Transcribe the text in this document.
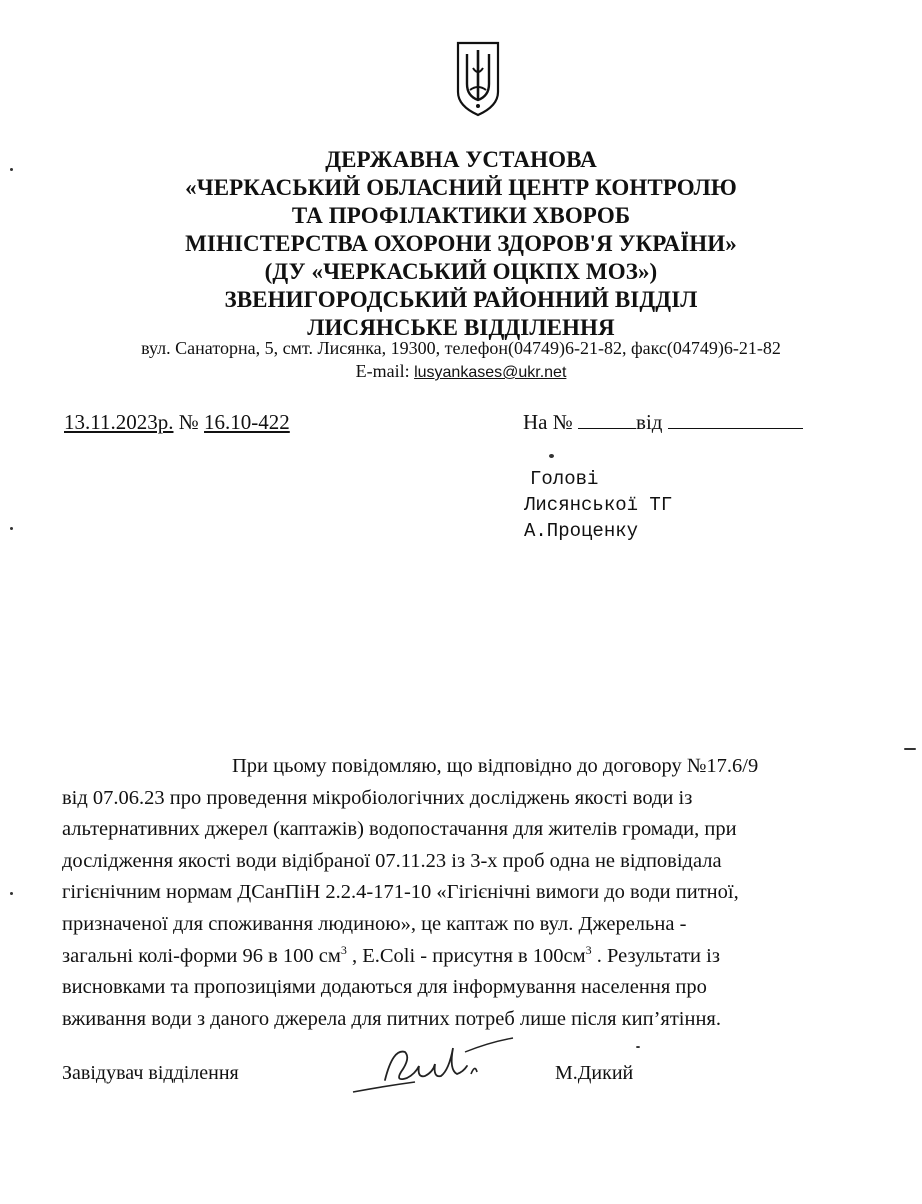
ДЕРЖАВНА УСТАНОВА
«ЧЕРКАСЬКИЙ ОБЛАСНИЙ ЦЕНТР КОНТРОЛЮ
ТА ПРОФІЛАКТИКИ ХВОРОБ
МІНІСТЕРСТВА ОХОРОНИ ЗДОРОВ'Я УКРАЇНИ»
(ДУ «ЧЕРКАСЬКИЙ ОЦКПХ МОЗ»)
ЗВЕНИГОРОДСЬКИЙ РАЙОННИЙ ВІДДІЛ
ЛИСЯНСЬКЕ ВІДДІЛЕННЯ
вул. Санаторна, 5, смт. Лисянка, 19300, телефон(04749)6-21-82, факс(04749)6-21-82
E-mail: lusyankases@ukr.net
13.11.2023р. № 16.10-422	На №	від
Голові
Лисянської ТГ
А.Проценку
При цьому повідомляю, що відповідно до договору №17.6/9
від 07.06.23 про проведення мікробіологічних досліджень якості води із
альтернативних джерел (каптажів) водопостачання для жителів громади, при
дослідження якості води відібраної 07.11.23 із 3-х проб одна не відповідала
гігієнічним нормам ДСанПіН 2.2.4-171-10 «Гігієнічні вимоги до води питної,
призначеної для споживання людиною», це каптаж по вул. Джерельна -
загальні колі-форми 96 в 100 $см^3$ , E.Coli - присутня в $100см^3$ . Результати із
висновками та пропозиціями додаються для інформування населення про
вживання води з даного джерела для питних потреб лише після кип’ятіння.
Завідувач відділення	М.Дикий
